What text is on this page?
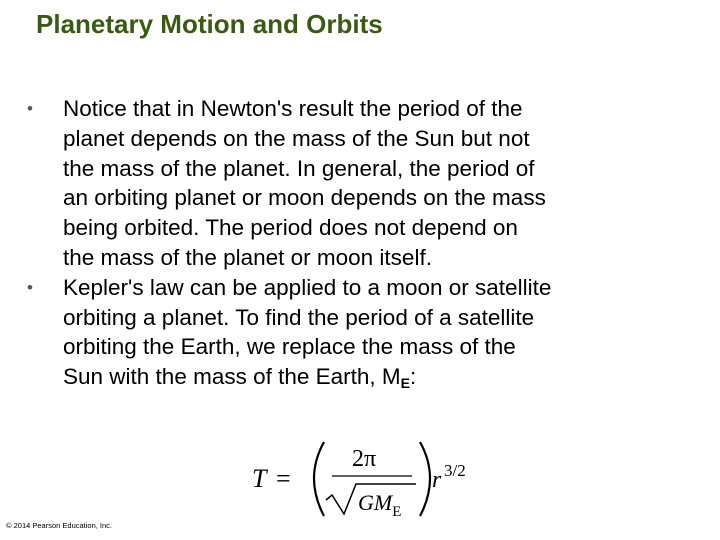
Planetary Motion and Orbits
• Notice that in Newton's result the period of the
planet depends on the mass of the Sun but not
the mass of the planet. In general, the period of
an orbiting planet or moon depends on the mass
being orbited. The period does not depend on
the mass of the planet or moon itself.
• Kepler's law can be applied to a moon or satellite
orbiting a planet. To find the period of a satellite
orbiting the Earth, we replace the mass of the
Sun with the mass of the Earth, $M_E$:
T =
2π
$GM_E$
r 3/2
© 2014 Pearson Education, Inc.
